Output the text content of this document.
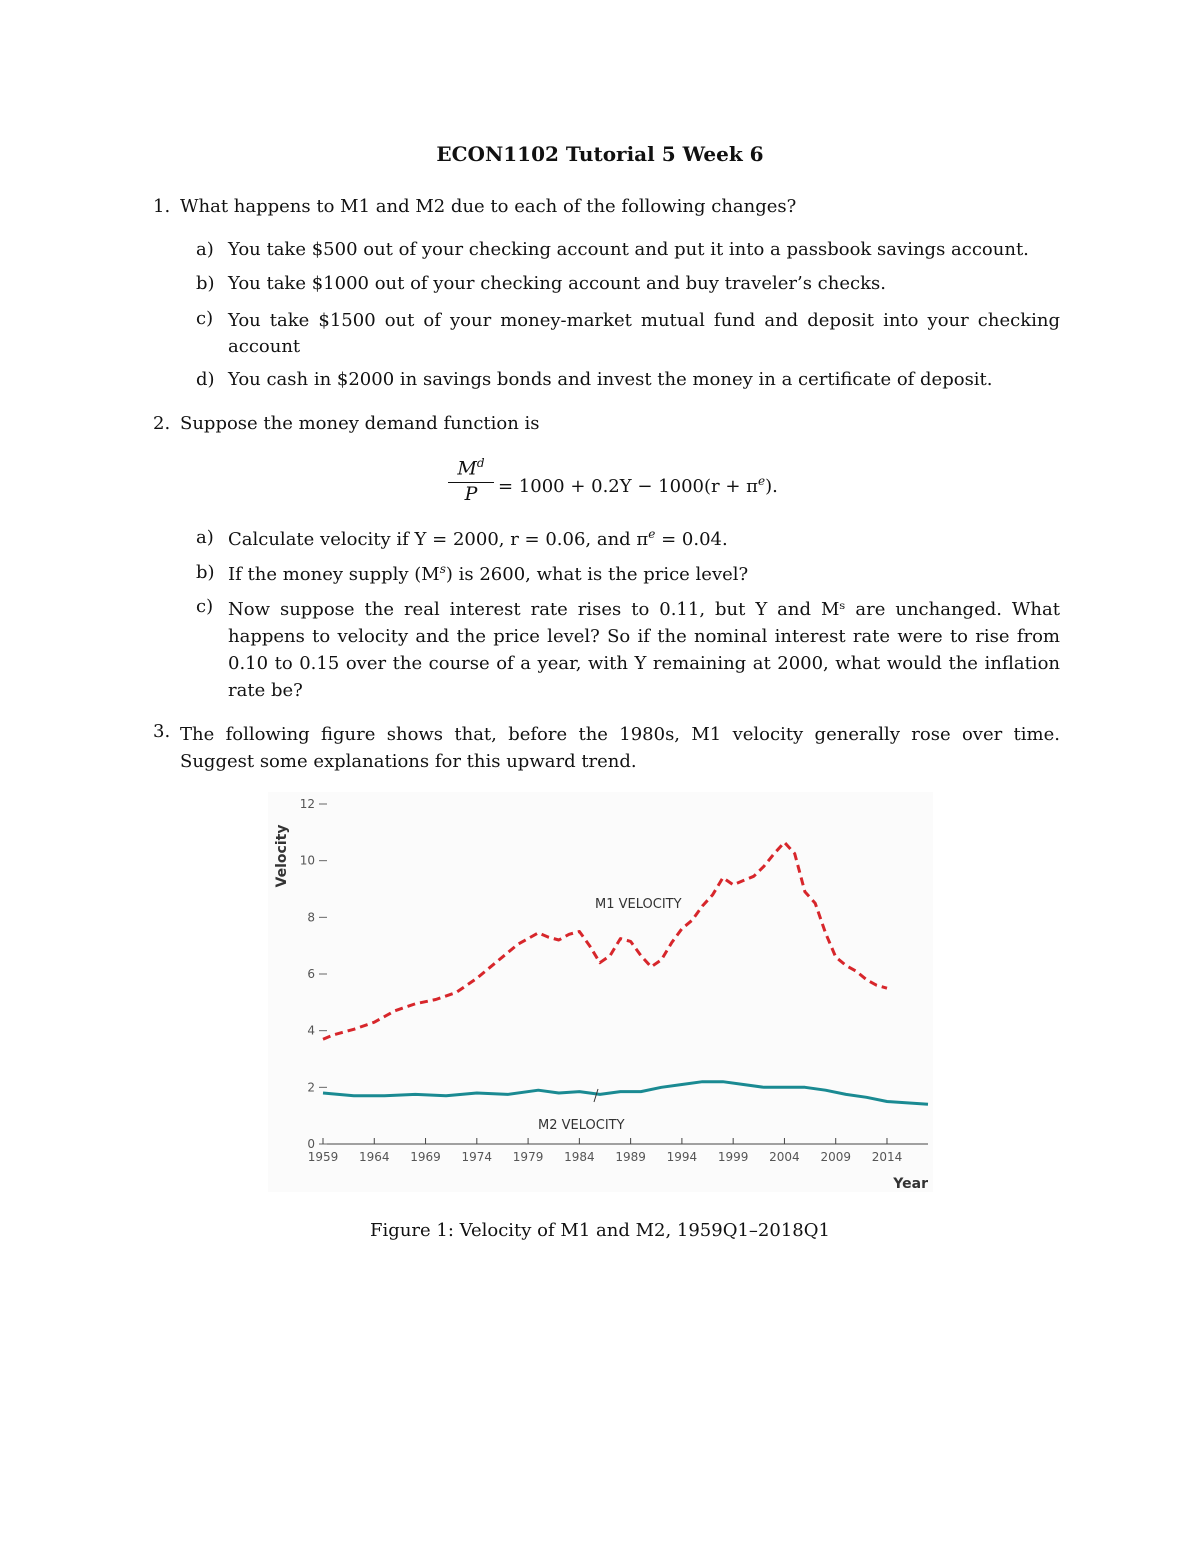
ECON1102 Tutorial 5 Week 6
1. What happens to M1 and M2 due to each of the following changes?
a) You take $500 out of your checking account and put it into a passbook savings account.
b) You take $1000 out of your checking account and buy traveler’s checks.
c) You take $1500 out of your money-market mutual fund and deposit into your checking account
d) You cash in $2000 in savings bonds and invest the money in a certificate of deposit.
2. Suppose the money demand function is
$M^d$
P	= $1000 + 0.2Y - 1000(r + \pi^e)$.
a) Calculate velocity if Y = 2000, r = 0.06, and $\pi^e = 0.04$.
b) If the money supply $(M^s)$ is 2600, what is the price level?
c) Now suppose the real interest rate rises to 0.11, but Y and Mˢ are unchanged. What happens to velocity and the price level? So if the nominal interest rate were to rise from 0.10 to 0.15 over the course of a year, with Y remaining at 2000, what would the inflation rate be?
3. The following figure shows that, before the 1980s, M1 velocity generally rose over time. Suggest some explanations for this upward trend.
0
2
4
6
8
10
12
1959 1964 1969 1974 1979 1984 1989 1994 1999 2004 2009 2014
Velocity
Year
M1 VELOCITY
M2 VELOCITY
Figure 1: Velocity of M1 and M2, 1959Q1–2018Q1
